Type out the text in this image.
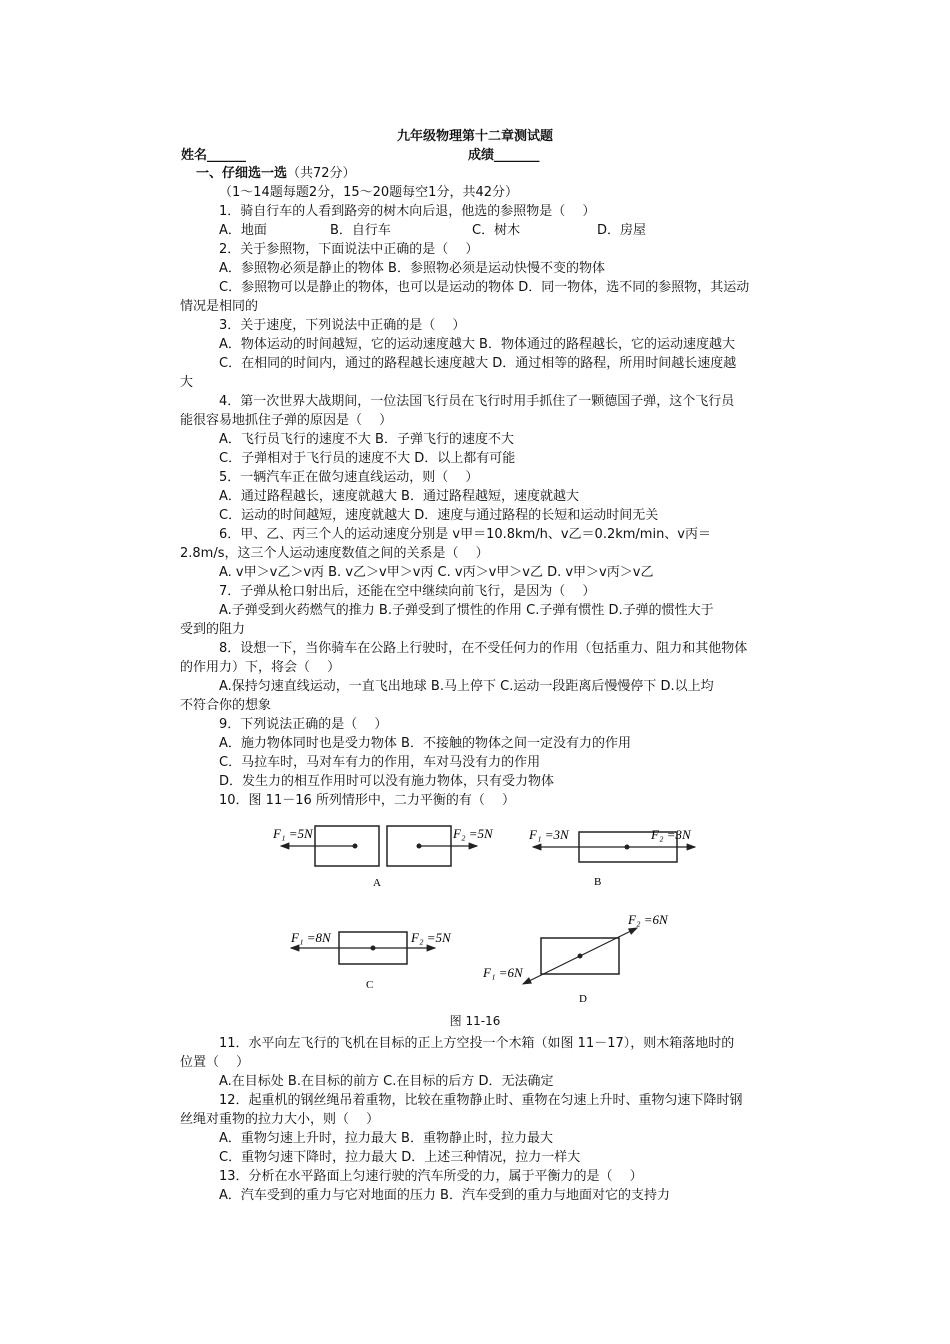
九年级物理第十二章测试题
姓名______	成绩_______
一、仔细选一选（共72分）
（1～14题每题2分，15～20题每空1分，共42分）
1．骑自行车的人看到路旁的树木向后退，他选的参照物是（　 ）
A．地面	B．自行车	C．树木	D．房屋
2．关于参照物，下面说法中正确的是（　 ）
A．参照物必须是静止的物体 B．参照物必须是运动快慢不变的物体
C．参照物可以是静止的物体，也可以是运动的物体 D．同一物体，选不同的参照物，其运动
情况是相同的
3．关于速度，下列说法中正确的是（　 ）
A．物体运动的时间越短，它的运动速度越大 B．物体通过的路程越长，它的运动速度越大
C．在相同的时间内，通过的路程越长速度越大 D．通过相等的路程，所用时间越长速度越
大
4．第一次世界大战期间，一位法国飞行员在飞行时用手抓住了一颗德国子弹，这个飞行员
能很容易地抓住子弹的原因是（　 ）
A．飞行员飞行的速度不大 B．子弹飞行的速度不大
C．子弹相对于飞行员的速度不大 D．以上都有可能
5．一辆汽车正在做匀速直线运动，则（　 ）
A．通过路程越长，速度就越大 B．通过路程越短，速度就越大
C．运动的时间越短，速度就越大 D．速度与通过路程的长短和运动时间无关
6．甲、乙、丙三个人的运动速度分别是 v甲＝10.8km/h、v乙＝0.2km/min、v丙＝
2.8m/s，这三个人运动速度数值之间的关系是（　 ）
A. v甲＞v乙＞v丙 B. v乙＞v甲＞v丙 C. v丙＞v甲＞v乙 D. v甲＞v丙＞v乙
7．子弹从枪口射出后，还能在空中继续向前飞行，是因为（　 ）
A.子弹受到火药燃气的推力 B.子弹受到了惯性的作用 C.子弹有惯性 D.子弹的惯性大于
受到的阻力
8．设想一下，当你骑车在公路上行驶时，在不受任何力的作用（包括重力、阻力和其他物体
的作用力）下，将会（　 ）
A.保持匀速直线运动，一直飞出地球 B.马上停下 C.运动一段距离后慢慢停下 D.以上均
不符合你的想象
9．下列说法正确的是（　 ）
A．施力物体同时也是受力物体 B．不接触的物体之间一定没有力的作用
C．马拉车时，马对车有力的作用，车对马没有力的作用
D．发生力的相互作用时可以没有施力物体，只有受力物体
10．图 11－16 所列情形中，二力平衡的有（　 ）
F₁ =5N	F₂ =5N
A
F₁ =3N	F₂ =3N
B
F₁ =8N	F₂ =5N
C
F₁ =6N
F₂ =6N
D
图 11-16
11．水平向左飞行的飞机在目标的正上方空投一个木箱（如图 11－17），则木箱落地时的
位置（　 ）
A.在目标处 B.在目标的前方 C.在目标的后方 D．无法确定
12．起重机的钢丝绳吊着重物，比较在重物静止时、重物在匀速上升时、重物匀速下降时钢
丝绳对重物的拉力大小，则（　 ）
A．重物匀速上升时，拉力最大 B．重物静止时，拉力最大
C．重物匀速下降时，拉力最大 D．上述三种情况，拉力一样大
13．分析在水平路面上匀速行驶的汽车所受的力，属于平衡力的是（　 ）
A．汽车受到的重力与它对地面的压力 B．汽车受到的重力与地面对它的支持力
